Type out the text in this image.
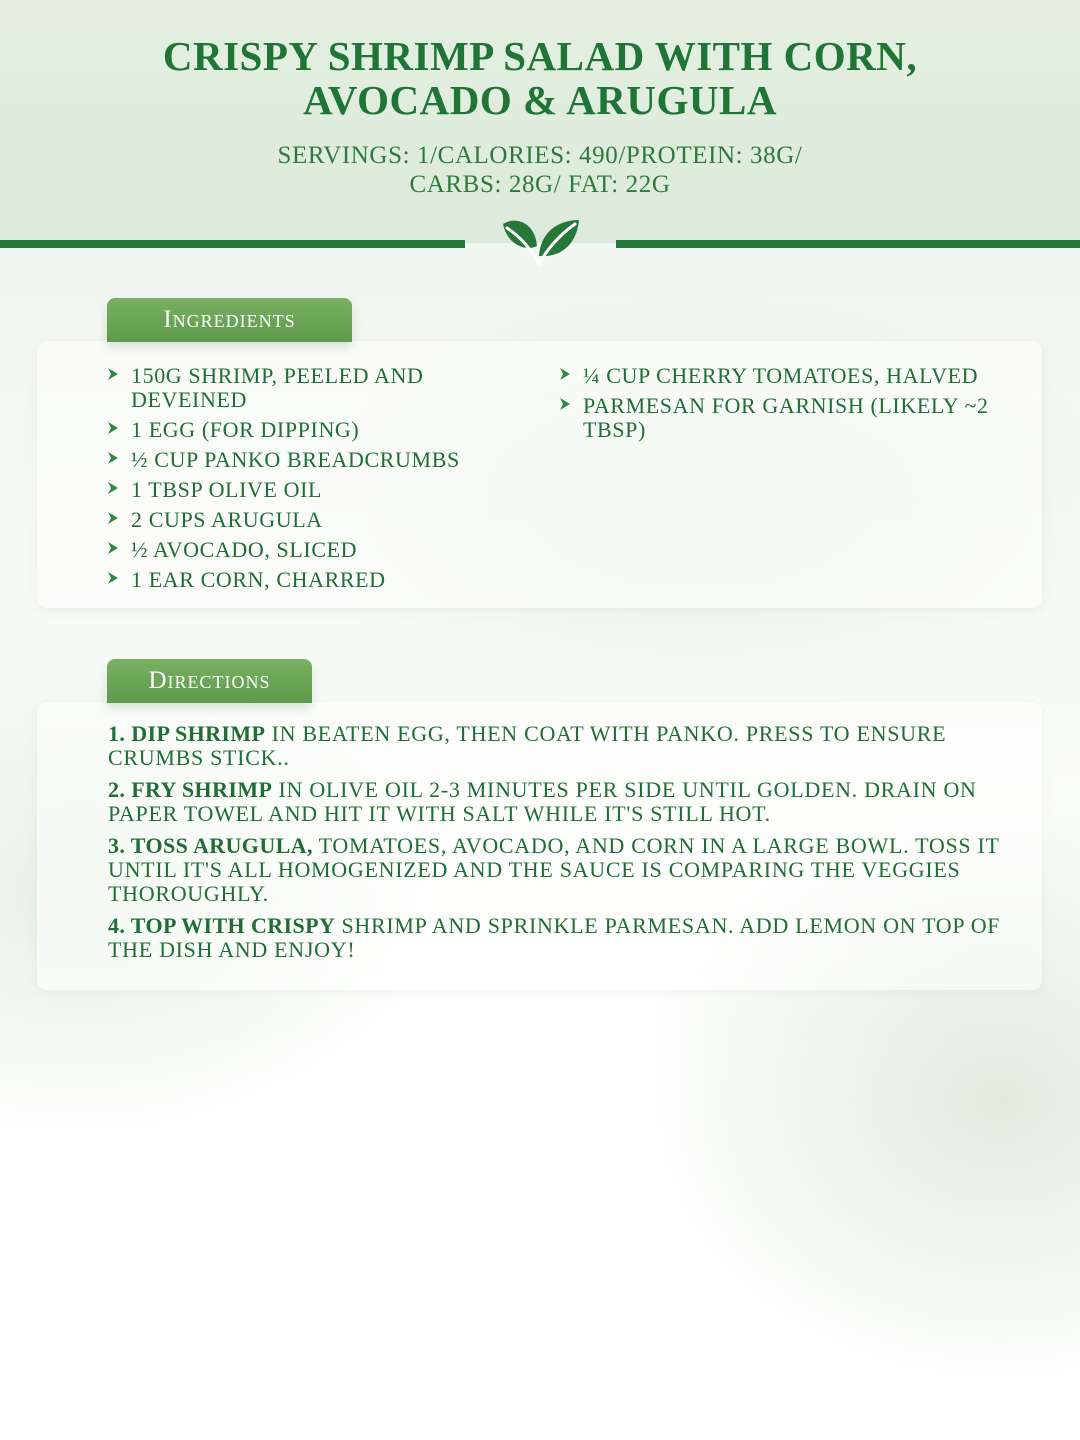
CRISPY SHRIMP SALAD WITH CORN,
AVOCADO & ARUGULA
SERVINGS: 1/CALORIES: 490/PROTEIN: 38G/
CARBS: 28G/ FAT: 22G
Ingredients
150G SHRIMP, PEELED AND DEVEINED
1 EGG (FOR DIPPING)
½ CUP PANKO BREADCRUMBS
1 TBSP OLIVE OIL
2 CUPS ARUGULA
½ AVOCADO, SLICED
1 EAR CORN, CHARRED
¼ CUP CHERRY TOMATOES, HALVED
PARMESAN FOR GARNISH (LIKELY ~2 TBSP)
Directions
1. DIP SHRIMP IN BEATEN EGG, THEN COAT WITH PANKO. PRESS TO ENSURE CRUMBS STICK..
2. FRY SHRIMP IN OLIVE OIL 2-3 MINUTES PER SIDE UNTIL GOLDEN. DRAIN ON PAPER TOWEL AND HIT IT WITH SALT WHILE IT'S STILL HOT.
3. TOSS ARUGULA, TOMATOES, AVOCADO, AND CORN IN A LARGE BOWL. TOSS IT UNTIL IT'S ALL HOMOGENIZED AND THE SAUCE IS COMPARING THE VEGGIES THOROUGHLY.
4. TOP WITH CRISPY SHRIMP AND SPRINKLE PARMESAN. ADD LEMON ON TOP OF THE DISH AND ENJOY!
